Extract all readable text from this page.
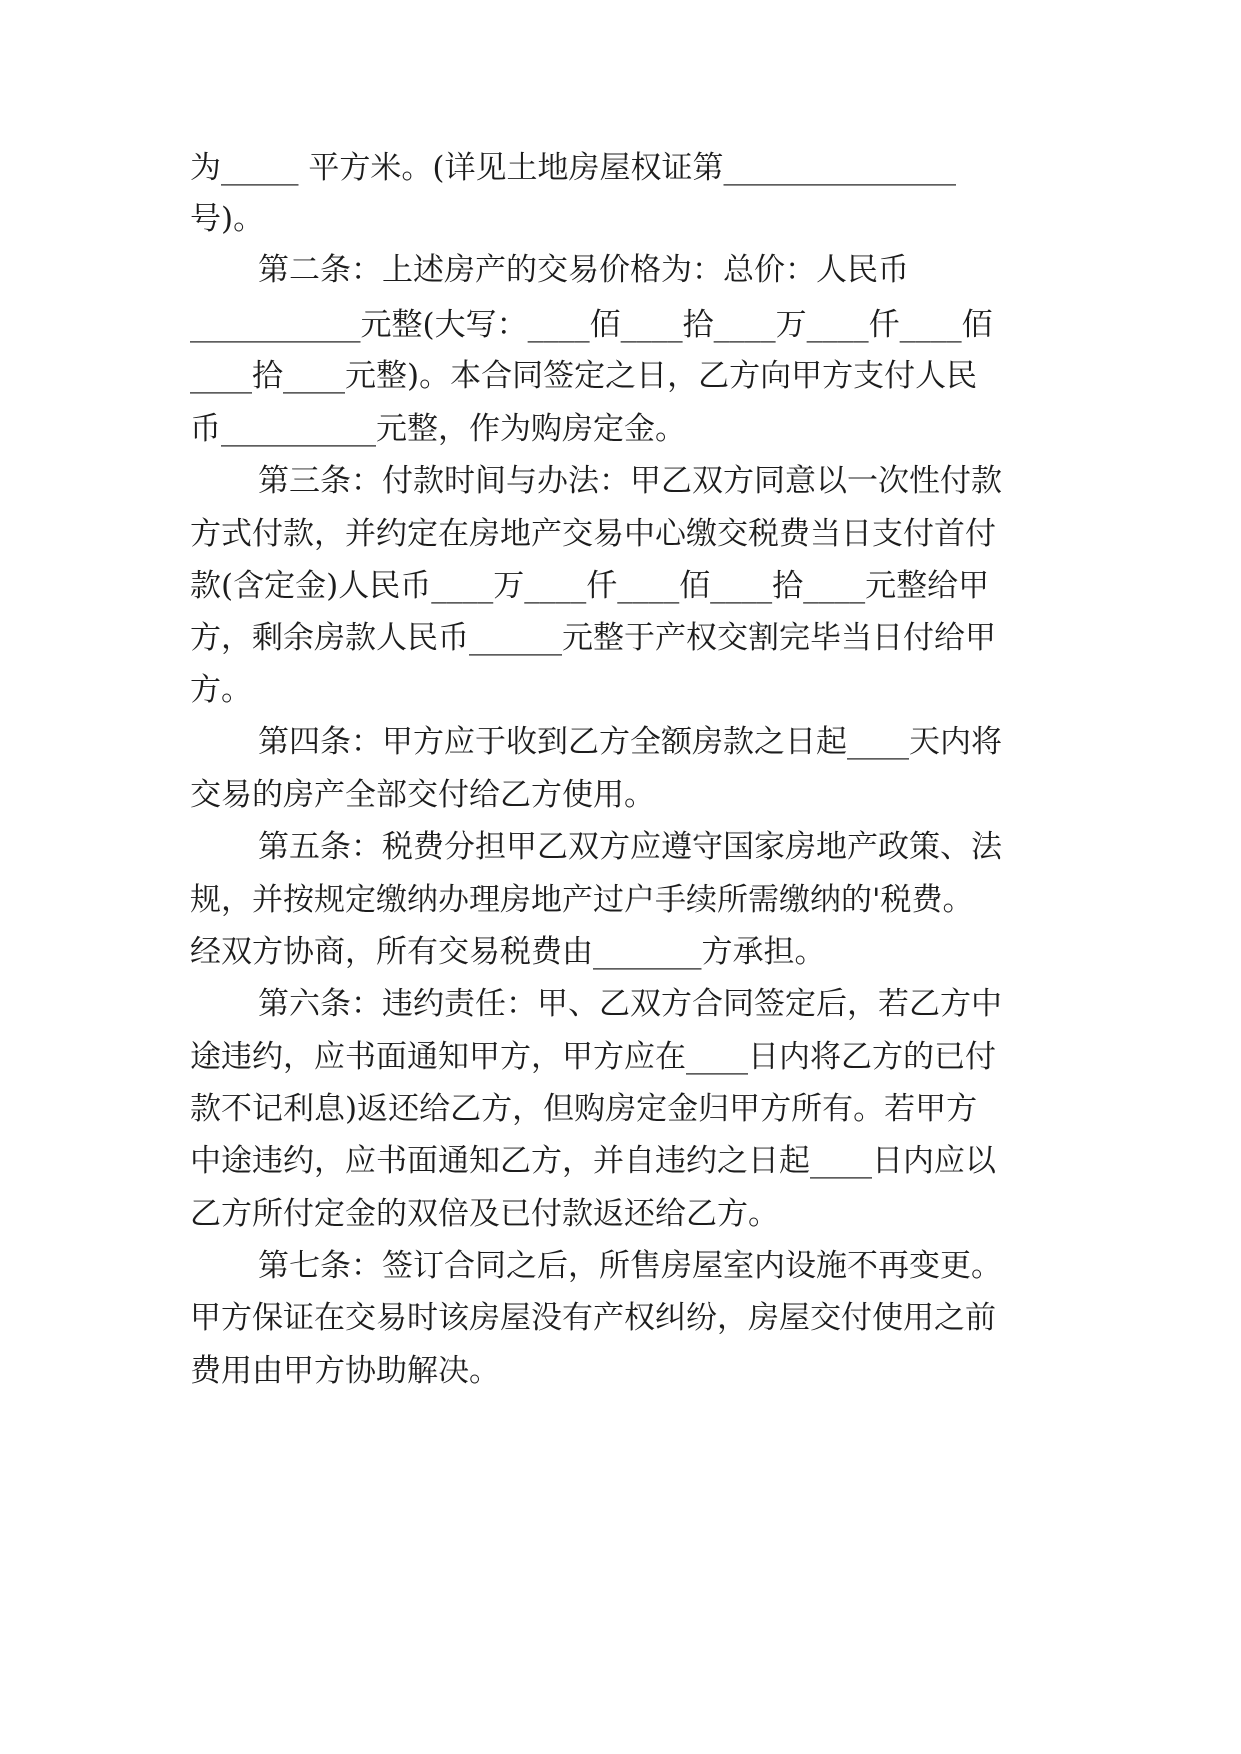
为_____ 平方米。(详见土地房屋权证第_______________
号)。
第二条：上述房产的交易价格为：总价：人民币
___________元整(大写：____佰____拾____万____仟____佰
____拾____元整)。本合同签定之日，乙方向甲方支付人民
币__________元整，作为购房定金。
第三条：付款时间与办法：甲乙双方同意以一次性付款
方式付款，并约定在房地产交易中心缴交税费当日支付首付
款(含定金)人民币____万____仟____佰____拾____元整给甲
方，剩余房款人民币______元整于产权交割完毕当日付给甲
方。
第四条：甲方应于收到乙方全额房款之日起____天内将
交易的房产全部交付给乙方使用。
第五条：税费分担甲乙双方应遵守国家房地产政策、法
规，并按规定缴纳办理房地产过户手续所需缴纳的'税费。
经双方协商，所有交易税费由_______方承担。
第六条：违约责任：甲、乙双方合同签定后，若乙方中
途违约，应书面通知甲方，甲方应在____日内将乙方的已付
款不记利息)返还给乙方，但购房定金归甲方所有。若甲方
中途违约，应书面通知乙方，并自违约之日起____日内应以
乙方所付定金的双倍及已付款返还给乙方。
第七条：签订合同之后，所售房屋室内设施不再变更。
甲方保证在交易时该房屋没有产权纠纷，房屋交付使用之前
费用由甲方协助解决。
